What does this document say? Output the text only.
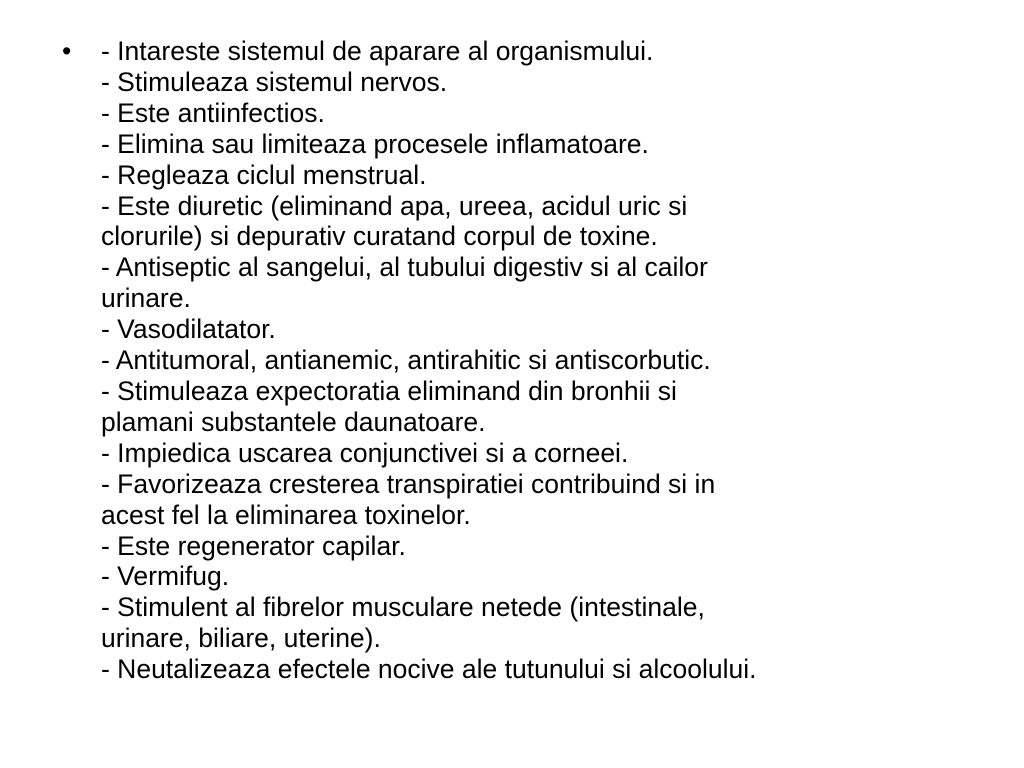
•	- Intareste sistemul de aparare al organismului.
- Stimuleaza sistemul nervos.
- Este antiinfectios.
- Elimina sau limiteaza procesele inflamatoare.
- Regleaza ciclul menstrual.
- Este diuretic (eliminand apa, ureea, acidul uric si
clorurile) si depurativ curatand corpul de toxine.
- Antiseptic al sangelui, al tubului digestiv si al cailor
urinare.
- Vasodilatator.
- Antitumoral, antianemic, antirahitic si antiscorbutic.
- Stimuleaza expectoratia eliminand din bronhii si
plamani substantele daunatoare.
- Impiedica uscarea conjunctivei si a corneei.
- Favorizeaza cresterea transpiratiei contribuind si in
acest fel la eliminarea toxinelor.
- Este regenerator capilar.
- Vermifug.
- Stimulent al fibrelor musculare netede (intestinale,
urinare, biliare, uterine).
- Neutalizeaza efectele nocive ale tutunului si alcoolului.
